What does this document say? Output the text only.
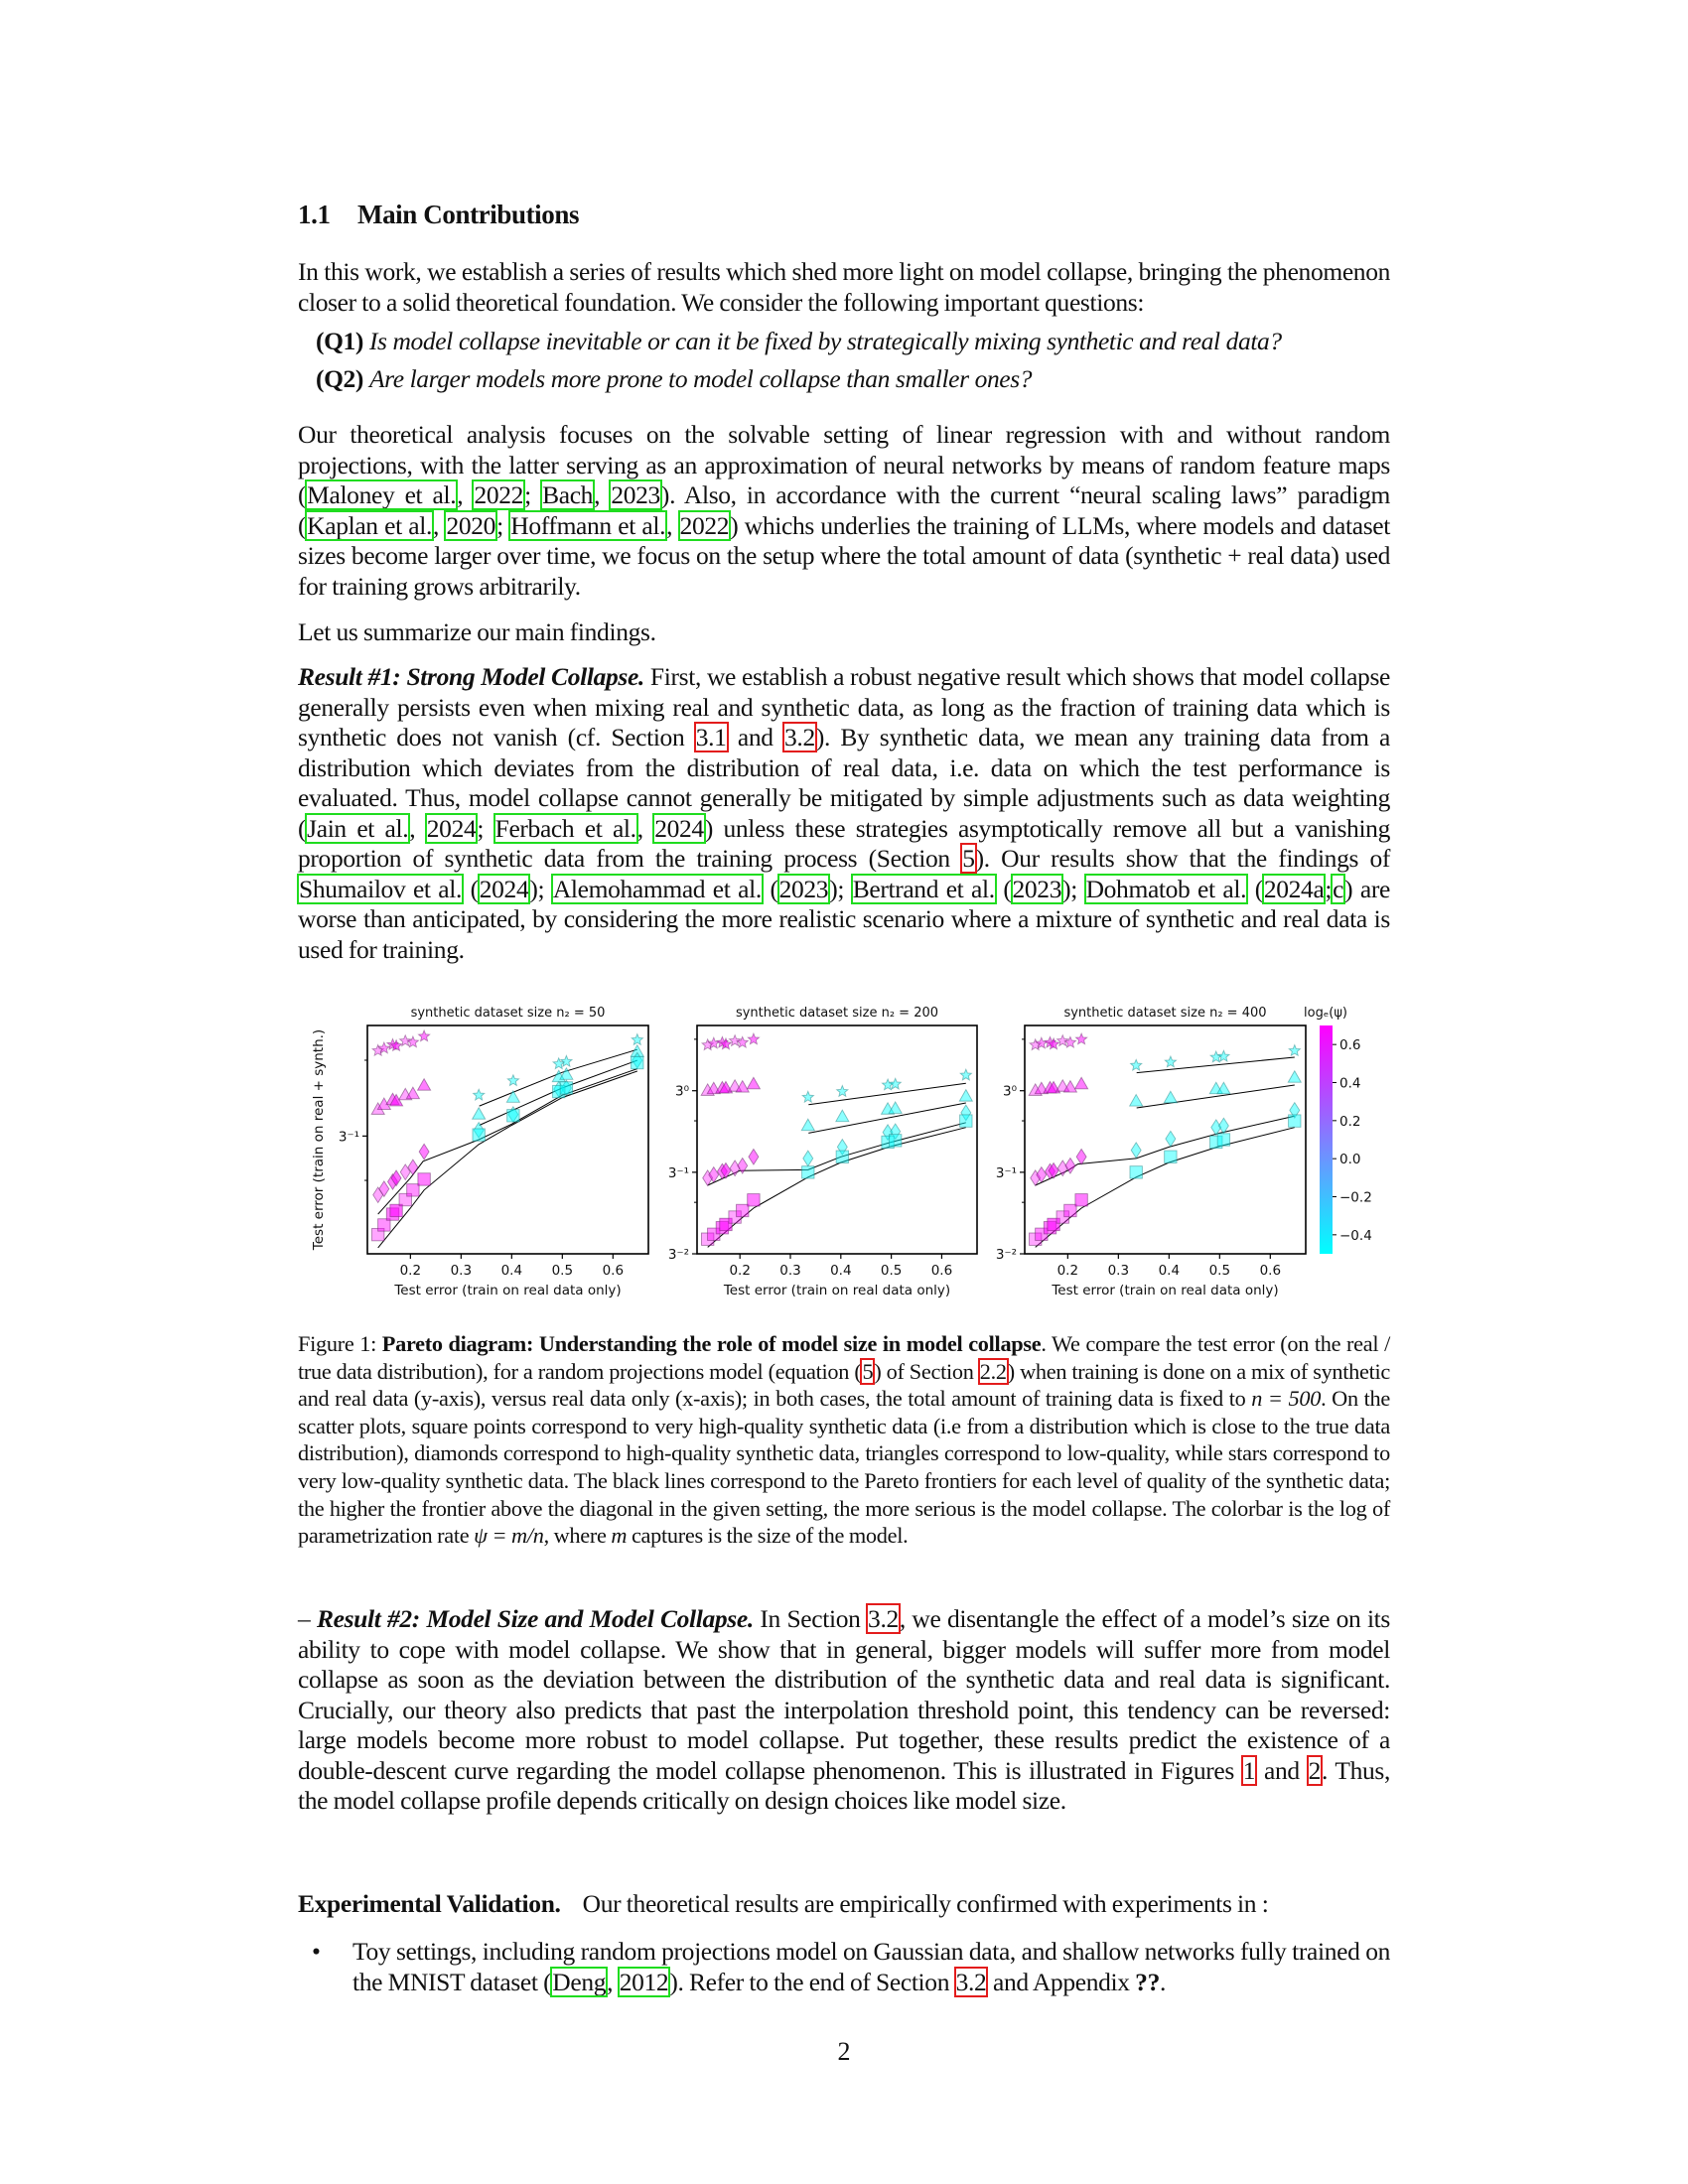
1.1 Main Contributions

In this work, we establish a series of results which shed more light on model collapse, bringing the phenomenon closer to a solid theoretical foundation. We consider the following important questions:

(Q1) Is model collapse inevitable or can it be fixed by strategically mixing synthetic and real data?
(Q2) Are larger models more prone to model collapse than smaller ones?

Our theoretical analysis focuses on the solvable setting of linear regression with and without random projections, with the latter serving as an approximation of neural networks by means of random feature maps (Maloney et al., 2022; Bach, 2023). Also, in accordance with the current “neural scaling laws” paradigm (Kaplan et al., 2020; Hoffmann et al., 2022) whichs underlies the training of LLMs, where models and dataset sizes become larger over time, we focus on the setup where the total amount of data (synthetic + real data) used for training grows arbitrarily.

Let us summarize our main findings.

Result #1: Strong Model Collapse. First, we establish a robust negative result which shows that model collapse generally persists even when mixing real and synthetic data, as long as the fraction of training data which is synthetic does not vanish (cf. Section 3.1 and 3.2). By synthetic data, we mean any training data from a distribution which deviates from the distribution of real data, i.e. data on which the test performance is evaluated. Thus, model collapse cannot generally be mitigated by simple adjustments such as data weighting (Jain et al., 2024; Ferbach et al., 2024) unless these strategies asymptotically remove all but a vanishing proportion of synthetic data from the training process (Section 5). Our results show that the findings of Shumailov et al. (2024); Alemohammad et al. (2023); Bertrand et al. (2023); Dohmatob et al. (2024a;c) are worse than anticipated, by considering the more realistic scenario where a mixture of synthetic and real data is used for training.

synthetic dataset size n₂ = 50
0.2 0.3 0.4 0.5 0.6
Test error (train on real data only)
3⁻¹
Test error (train on real + synth.)
synthetic dataset size n₂ = 200
0.2 0.3 0.4 0.5 0.6
Test error (train on real data only)
3⁰
3⁻¹
3⁻²
synthetic dataset size n₂ = 400
0.2 0.3 0.4 0.5 0.6
Test error (train on real data only)
3⁰
3⁻¹
3⁻²
0.6
0.4
0.2
0.0
−0.2
−0.4
logₑ(ψ)
Figure 1: Pareto diagram: Understanding the role of model size in model collapse. We compare the test error (on the real / true data distribution), for a random projections model (equation (5) of Section 2.2) when training is done on a mix of synthetic and real data (y-axis), versus real data only (x-axis); in both cases, the total amount of training data is fixed to n = 500. On the scatter plots, square points correspond to very high-quality synthetic data (i.e from a distribution which is close to the true data distribution), diamonds correspond to high-quality synthetic data, triangles correspond to low-quality, while stars correspond to very low-quality synthetic data. The black lines correspond to the Pareto frontiers for each level of quality of the synthetic data; the higher the frontier above the diagonal in the given setting, the more serious is the model collapse. The colorbar is the log of parametrization rate ψ = m/n, where m captures is the size of the model.

– Result #2: Model Size and Model Collapse. In Section 3.2, we disentangle the effect of a model’s size on its ability to cope with model collapse. We show that in general, bigger models will suffer more from model collapse as soon as the deviation between the distribution of the synthetic data and real data is significant. Crucially, our theory also predicts that past the interpolation threshold point, this tendency can be reversed: large models become more robust to model collapse. Put together, these results predict the existence of a double-descent curve regarding the model collapse phenomenon. This is illustrated in Figures 1 and 2. Thus, the model collapse profile depends critically on design choices like model size.

Experimental Validation. Our theoretical results are empirically confirmed with experiments in :

• Toy settings, including random projections model on Gaussian data, and shallow networks fully trained on the MNIST dataset (Deng, 2012). Refer to the end of Section 3.2 and Appendix ??.
2
